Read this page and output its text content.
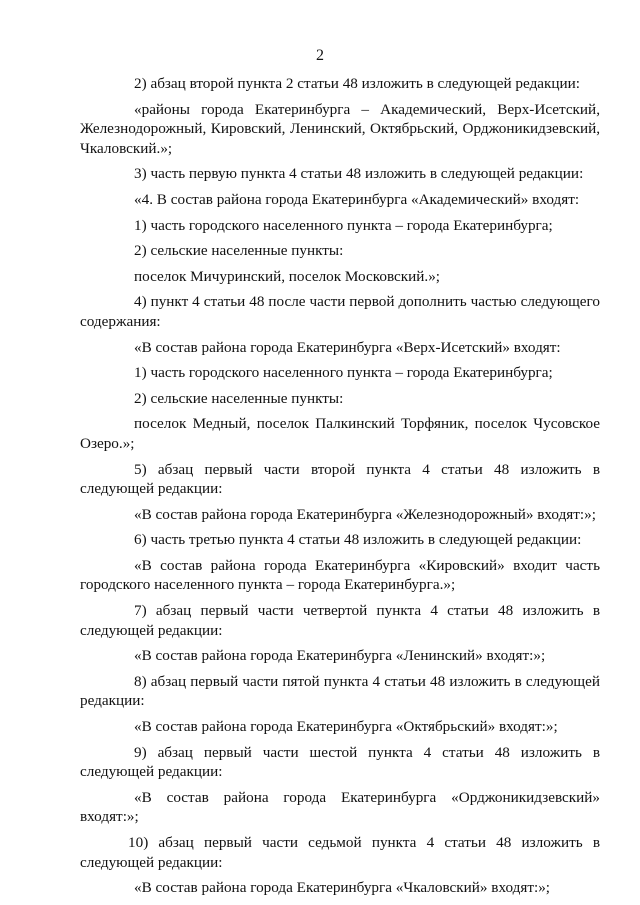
2

2) абзац второй пункта 2 статьи 48 изложить в следующей редакции:

«районы города Екатеринбурга – Академический, Верх-Исетский, Железнодорожный, Кировский, Ленинский, Октябрьский, Орджоникидзевский, Чкаловский.»;

3) часть первую пункта 4 статьи 48 изложить в следующей редакции:

«4. В состав района города Екатеринбурга «Академический» входят:

1) часть городского населенного пункта – города Екатеринбурга;

2) сельские населенные пункты:

поселок Мичуринский, поселок Московский.»;

4) пункт 4 статьи 48 после части первой дополнить частью следующего содержания:

«В состав района города Екатеринбурга «Верх-Исетский» входят:

1) часть городского населенного пункта – города Екатеринбурга;

2) сельские населенные пункты:

поселок Медный, поселок Палкинский Торфяник, поселок Чусовское Озеро.»;

5) абзац первый части второй пункта 4 статьи 48 изложить в следующей редакции:

«В состав района города Екатеринбурга «Железнодорожный» входят:»;

6) часть третью пункта 4 статьи 48 изложить в следующей редакции:

«В состав района города Екатеринбурга «Кировский» входит часть городского населенного пункта – города Екатеринбурга.»;

7) абзац первый части четвертой пункта 4 статьи 48 изложить в следующей редакции:

«В состав района города Екатеринбурга «Ленинский» входят:»;

8) абзац первый части пятой пункта 4 статьи 48 изложить в следующей редакции:

«В состав района города Екатеринбурга «Октябрьский» входят:»;

9) абзац первый части шестой пункта 4 статьи 48 изложить в следующей редакции:

«В состав района города Екатеринбурга «Орджоникидзевский» входят:»;

10) абзац первый части седьмой пункта 4 статьи 48 изложить в следующей редакции:

«В состав района города Екатеринбурга «Чкаловский» входят:»;
